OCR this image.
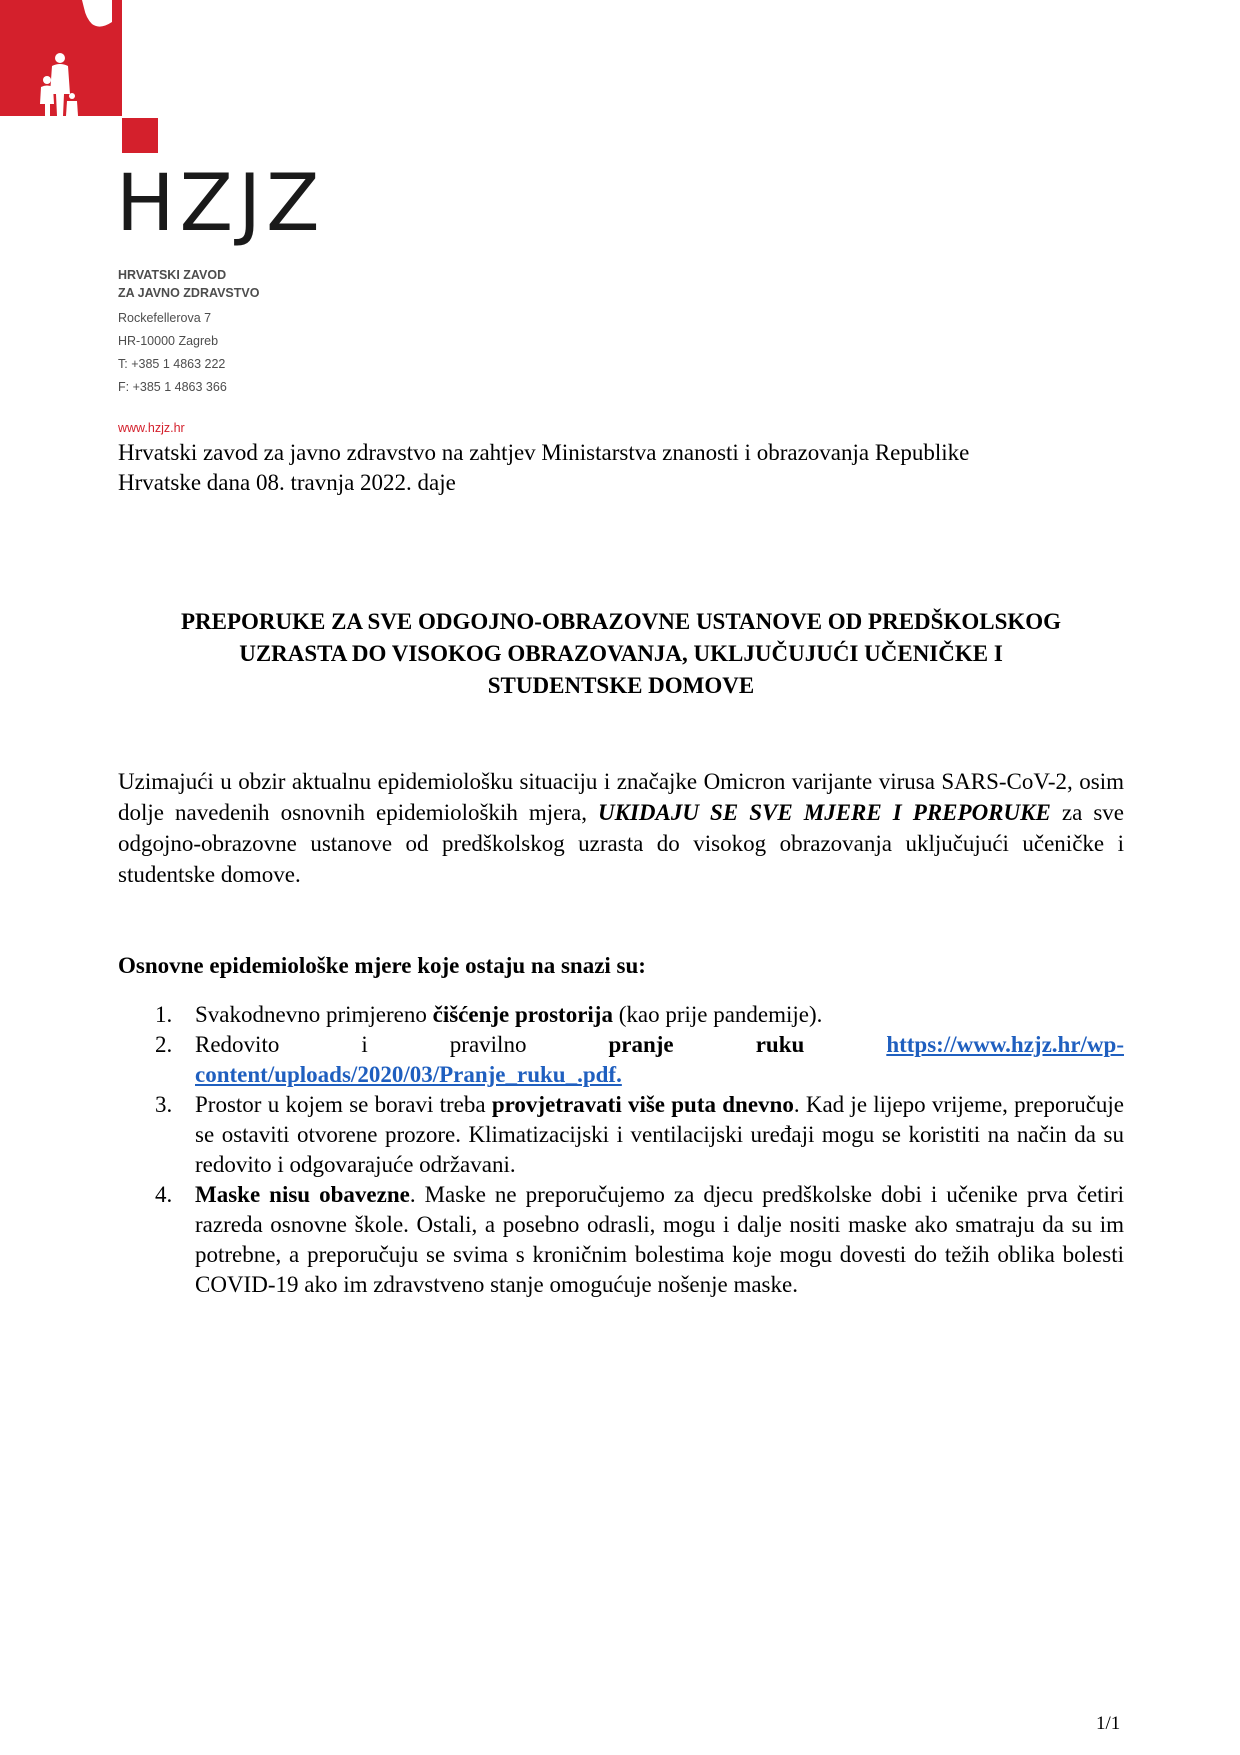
HZJZ
HRVATSKI ZAVOD
ZA JAVNO ZDRAVSTVO
Rockefellerova 7
HR-10000 Zagreb
T: +385 1 4863 222
F: +385 1 4863 366
www.hzjz.hr

Hrvatski zavod za javno zdravstvo na zahtjev Ministarstva znanosti i obrazovanja Republike Hrvatske dana 08. travnja 2022. daje

PREPORUKE ZA SVE ODGOJNO-OBRAZOVNE USTANOVE OD PREDŠKOLSKOG
UZRASTA DO VISOKOG OBRAZOVANJA, UKLJUČUJUĆI UČENIČKE I
STUDENTSKE DOMOVE

Uzimajući u obzir aktualnu epidemiološku situaciju i značajke Omicron varijante virusa SARS-CoV-2, osim dolje navedenih osnovnih epidemioloških mjera, UKIDAJU SE SVE MJERE I PREPORUKE za sve odgojno-obrazovne ustanove od predškolskog uzrasta do visokog obrazovanja uključujući učeničke i studentske domove.

Osnovne epidemiološke mjere koje ostaju na snazi su:
1. Svakodnevno primjereno čišćenje prostorija (kao prije pandemije).
2. Redovito	i	pravilno	pranje	ruku	https://www.hzjz.hr/wp-
content/uploads/2020/03/Pranje_ruku_.pdf.
3. Prostor u kojem se boravi treba provjetravati više puta dnevno. Kad je lijepo vrijeme, preporučuje se ostaviti otvorene prozore. Klimatizacijski i ventilacijski uređaji mogu se koristiti na način da su redovito i odgovarajuće održavani.
4. Maske nisu obavezne. Maske ne preporučujemo za djecu predškolske dobi i učenike prva četiri razreda osnovne škole. Ostali, a posebno odrasli, mogu i dalje nositi maske ako smatraju da su im potrebne, a preporučuju se svima s kroničnim bolestima koje mogu dovesti do težih oblika bolesti COVID-19 ako im zdravstveno stanje omogućuje nošenje maske.
1/1
